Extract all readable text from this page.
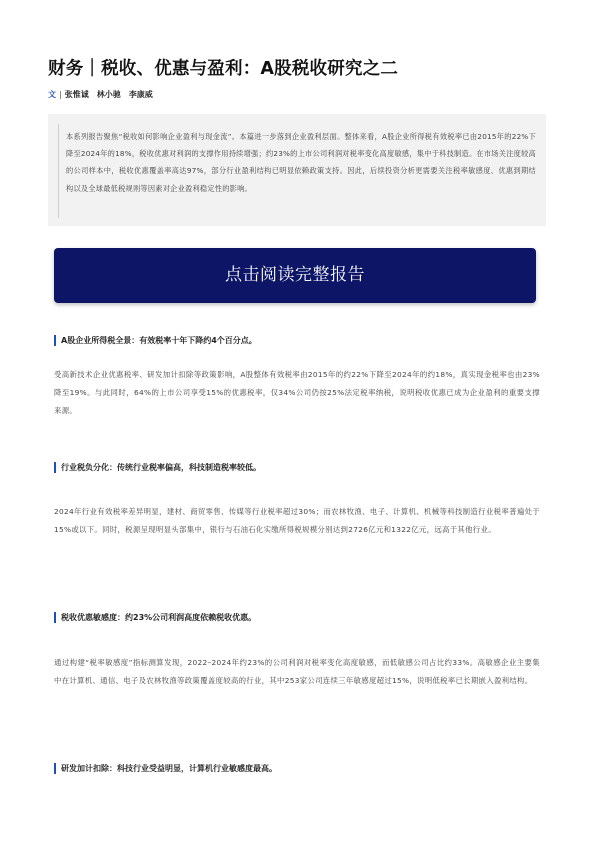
财务｜税收、优惠与盈利：A股税收研究之二
文 | 张惟诚 林小驰 李康威
本系列报告聚焦“税收如何影响企业盈利与现金流”。本篇进一步落到企业盈利层面。整体来看，A股企业所得税有效税率已由2015年的22%下降至2024年的18%，税收优惠对利润的支撑作用持续增强；约23%的上市公司利润对税率变化高度敏感，集中于科技制造。在市场关注度较高的公司样本中，税收优惠覆盖率高达97%，部分行业盈利结构已明显依赖政策支持。因此，后续投资分析更需要关注税率敏感度、优惠到期结构以及全球最低税规则等因素对企业盈利稳定性的影响。
点击阅读完整报告
A股企业所得税全景：有效税率十年下降约4个百分点。
受高新技术企业优惠税率、研发加计扣除等政策影响，A股整体有效税率由2015年的约22%下降至2024年的约18%，真实现金税率也由23%降至19%。与此同时，64%的上市公司享受15%的优惠税率，仅34%公司仍按25%法定税率纳税，说明税收优惠已成为企业盈利的重要支撑来源。
行业税负分化：传统行业税率偏高，科技制造税率较低。
2024年行业有效税率差异明显，建材、商贸零售、传媒等行业税率超过30%；而农林牧渔、电子、计算机、机械等科技制造行业税率普遍处于15%或以下。同时，税源呈现明显头部集中，银行与石油石化实缴所得税规模分别达到2726亿元和1322亿元，远高于其他行业。
税收优惠敏感度：约23%公司利润高度依赖税收优惠。
通过构建“税率敏感度”指标测算发现，2022–2024年约23%的公司利润对税率变化高度敏感，而低敏感公司占比约33%。高敏感企业主要集中在计算机、通信、电子及农林牧渔等政策覆盖度较高的行业，其中253家公司连续三年敏感度超过15%，说明低税率已长期嵌入盈利结构。
研发加计扣除：科技行业受益明显，计算机行业敏感度最高。
